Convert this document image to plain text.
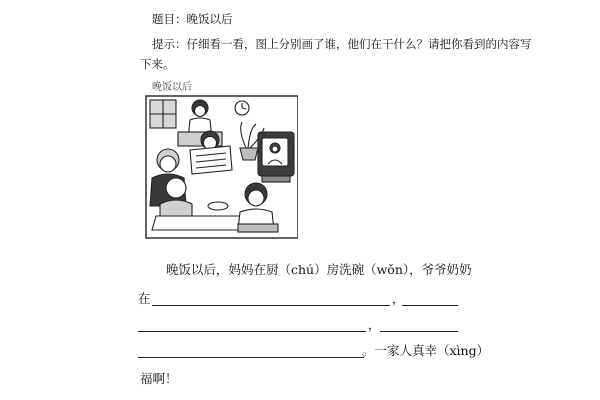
题目：晚饭以后
提示：仔细看一看，图上分别画了谁，他们在干什么？请把你看到的内容写
下来。
晚饭以后
晚饭以后，妈妈在厨（chú）房洗碗（wǒn），爷爷奶奶
在	，
，
。一家人真幸（xìng）
福啊！
